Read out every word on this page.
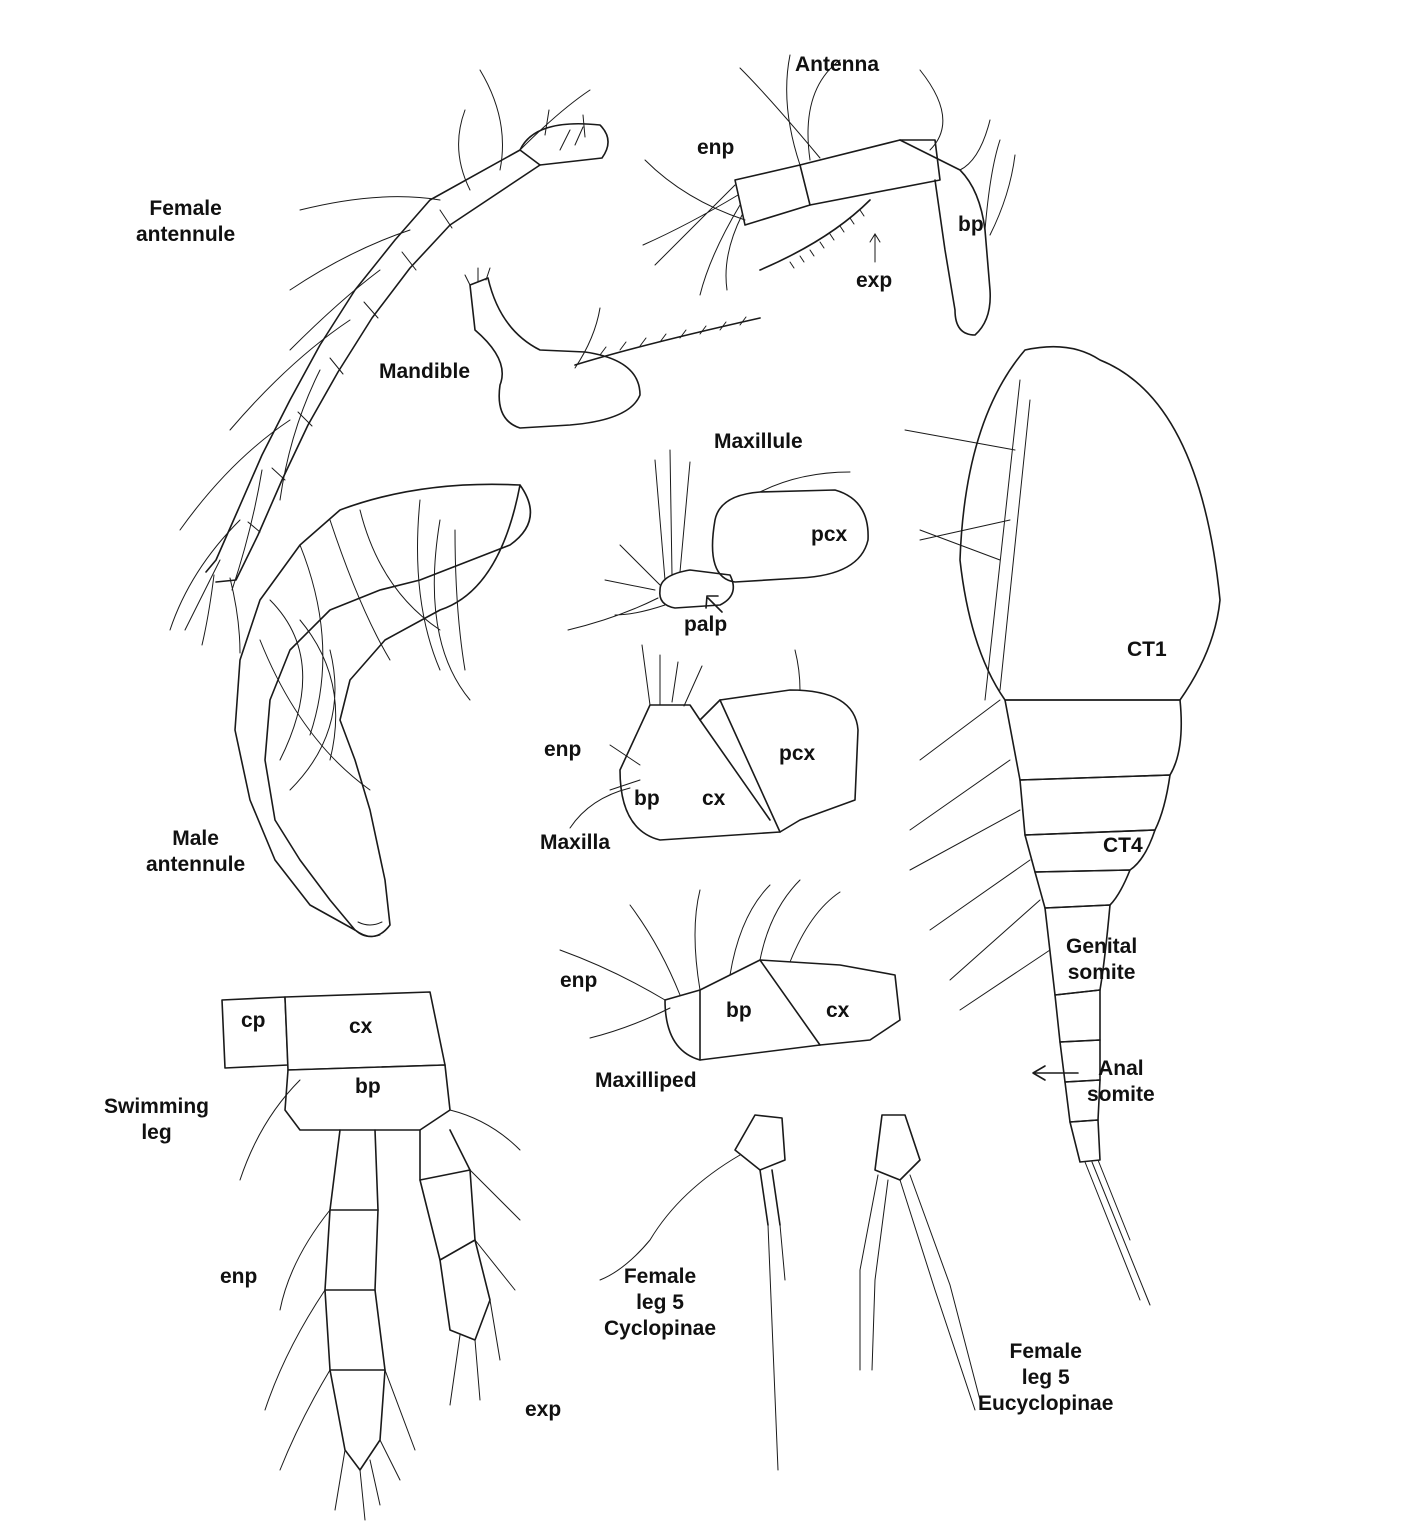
Antenna
enp
bp
exp
Female
antennule
Mandible
Maxillule
pcx
palp
Male
antennule
enp
bp cx
pcx
Maxilla
CT1
CT4
Genital
somite
Anal
somite
enp
bp	cx
Maxilliped
cp	cx
bp
Swimming
leg
enp
exp
Female
leg 5
Cyclopinae
Female
leg 5
Eucyclopinae
